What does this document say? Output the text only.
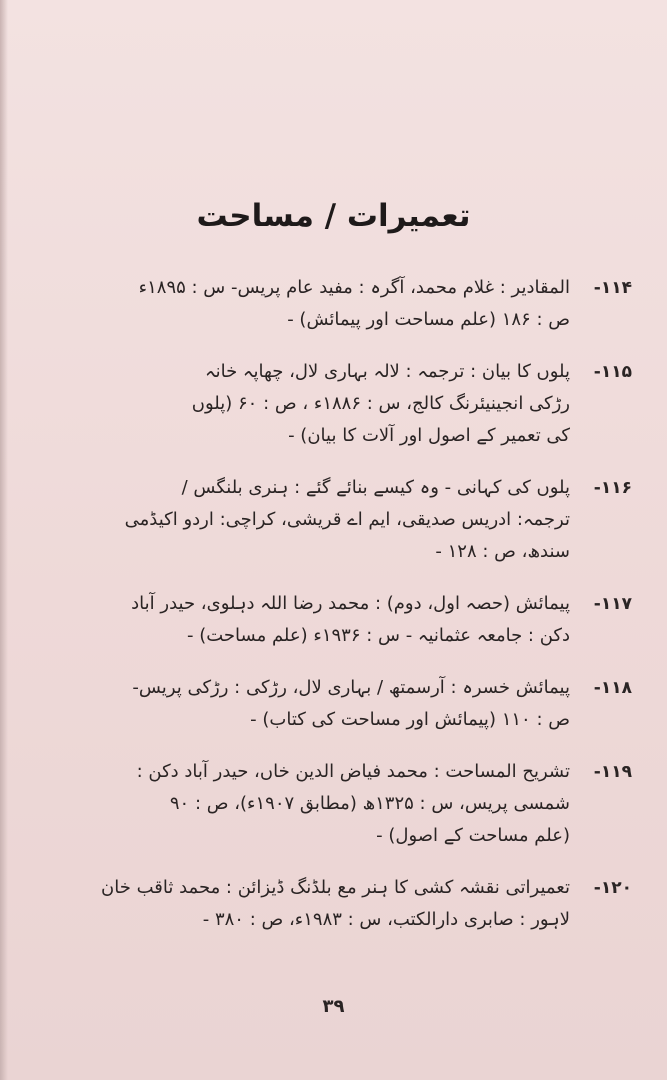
تعمیرات / مساحت
۱۱۴-
المقادیر : غلام محمد، آگرہ : مفید عام پریس- س : ۱۸۹۵ء
ص : ۱۸۶ (علم مساحت اور پیمائش) -
۱۱۵-
پلوں کا بیان : ترجمہ : لالہ بہاری لال، چھاپہ خانہ
رڑکی انجینیئرنگ کالج، س : ۱۸۸۶ء ، ص : ۶۰ (پلوں
کی تعمیر کے اصول اور آلات کا بیان) -
۱۱۶-
پلوں کی کہانی - وہ کیسے بنائے گئے : ہنری بلنگس /
ترجمہ: ادریس صدیقی، ایم اے قریشی، کراچی: اردو اکیڈمی
سندھ، ص : ۱۲۸ -
۱۱۷-
پیمائش (حصہ اول، دوم) : محمد رضا اللہ دہلوی، حیدر آباد
دکن : جامعہ عثمانیہ - س : ۱۹۳۶ء (علم مساحت) -
۱۱۸-
پیمائش خسرہ : آرسمتھ / بہاری لال، رڑکی : رڑکی پریس-
ص : ۱۱۰ (پیمائش اور مساحت کی کتاب) -
۱۱۹-
تشریح المساحت : محمد فیاض الدین خاں، حیدر آباد دکن :
شمسی پریس، س : ۱۳۲۵ھ (مطابق ۱۹۰۷ء)، ص : ۹۰
(علم مساحت کے اصول) -
۱۲۰-
تعمیراتی نقشہ کشی کا ہنر مع بلڈنگ ڈیزائن : محمد ثاقب خان
لاہور : صابری دارالکتب، س : ۱۹۸۳ء، ص : ۳۸۰ -
۳۹
